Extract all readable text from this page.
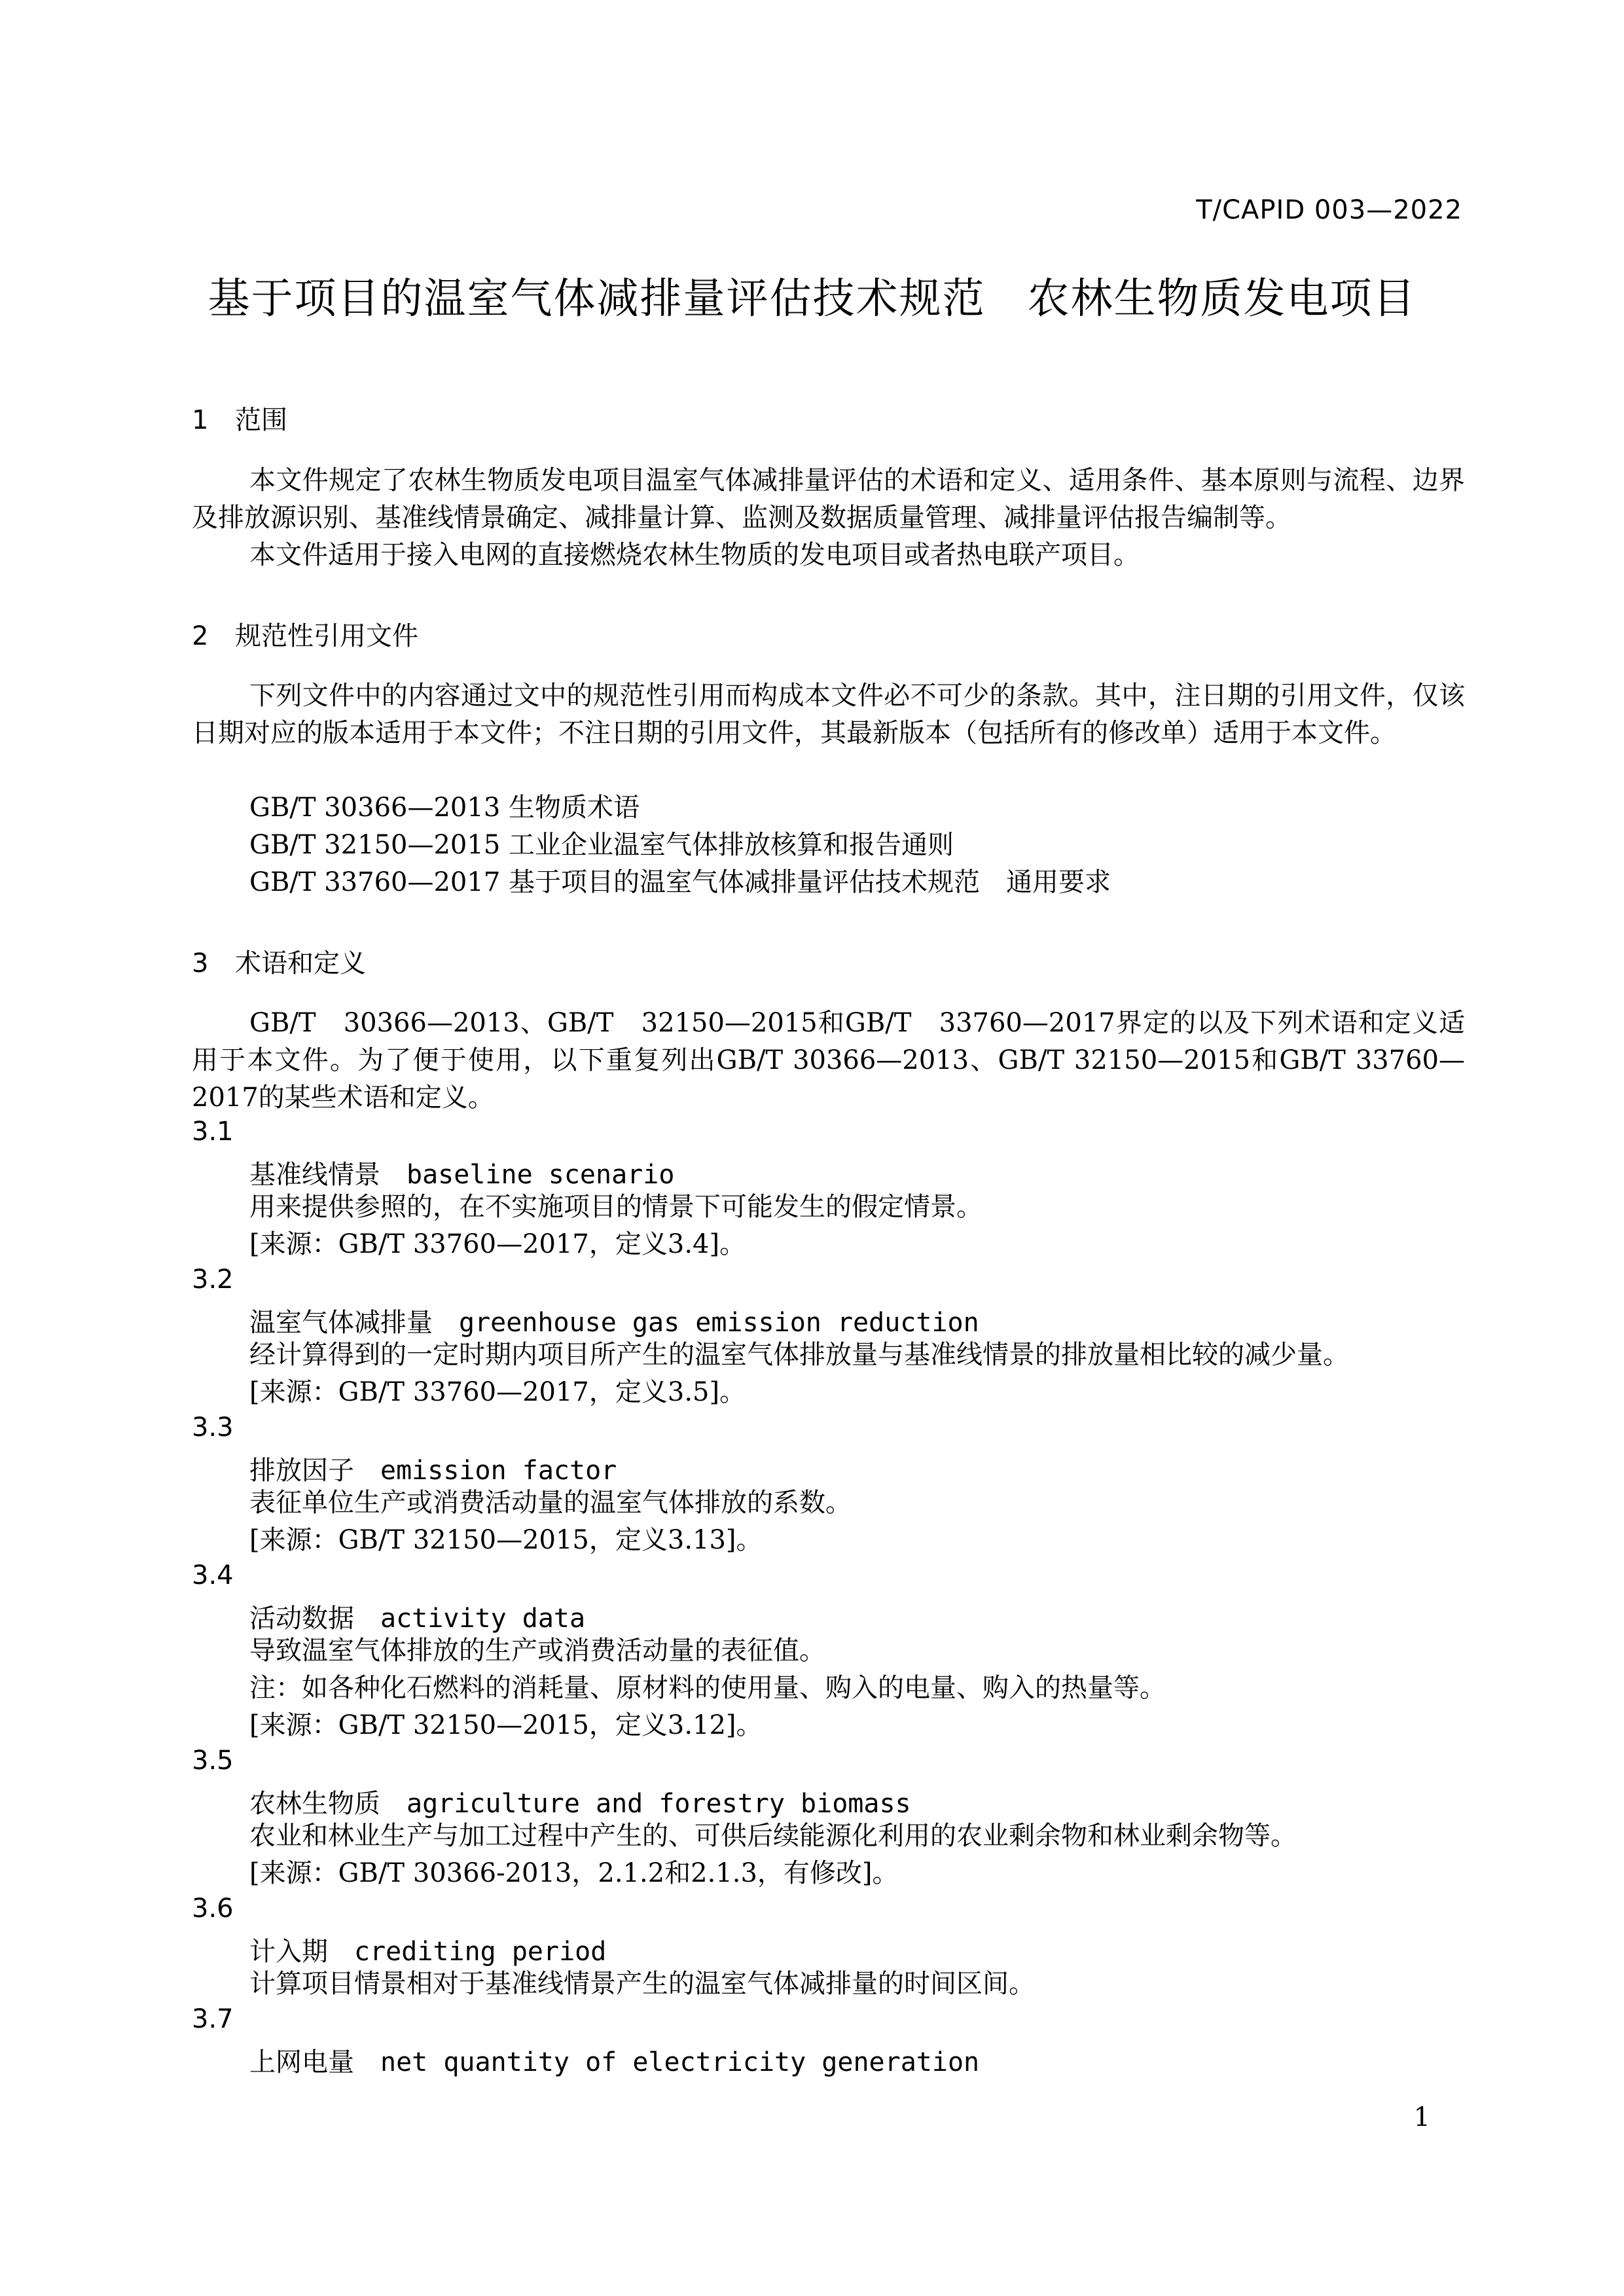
T/CAPID 003—2022
基于项目的温室气体减排量评估技术规范 农林生物质发电项目
1 范围

本文件规定了农林生物质发电项目温室气体减排量评估的术语和定义、适用条件、基本原则与流程、边界及排放源识别、基准线情景确定、减排量计算、监测及数据质量管理、减排量评估报告编制等。

本文件适用于接入电网的直接燃烧农林生物质的发电项目或者热电联产项目。

2 规范性引用文件

下列文件中的内容通过文中的规范性引用而构成本文件必不可少的条款。其中，注日期的引用文件，仅该日期对应的版本适用于本文件；不注日期的引用文件，其最新版本（包括所有的修改单）适用于本文件。

GB/T 30366—2013 生物质术语
GB/T 32150—2015 工业企业温室气体排放核算和报告通则
GB/T 33760—2017 基于项目的温室气体减排量评估技术规范　通用要求
3 术语和定义

GB/T　30366—2013、GB/T　32150—2015和GB/T　33760—2017界定的以及下列术语和定义适用于本文件。为了便于使用，以下重复列出GB/T 30366—2013、GB/T 32150—2015和GB/T 33760—2017的某些术语和定义。

3.1
基准线情景 baseline scenario
用来提供参照的，在不实施项目的情景下可能发生的假定情景。
[来源：GB/T 33760—2017，定义3.4]。
3.2
温室气体减排量 greenhouse gas emission reduction
经计算得到的一定时期内项目所产生的温室气体排放量与基准线情景的排放量相比较的减少量。
[来源：GB/T 33760—2017，定义3.5]。
3.3
排放因子 emission factor
表征单位生产或消费活动量的温室气体排放的系数。
[来源：GB/T 32150—2015，定义3.13]。
3.4
活动数据 activity data
导致温室气体排放的生产或消费活动量的表征值。
注：如各种化石燃料的消耗量、原材料的使用量、购入的电量、购入的热量等。
[来源：GB/T 32150—2015，定义3.12]。
3.5
农林生物质 agriculture and forestry biomass
农业和林业生产与加工过程中产生的、可供后续能源化利用的农业剩余物和林业剩余物等。
[来源：GB/T 30366-2013，2.1.2和2.1.3，有修改]。
3.6
计入期 crediting period
计算项目情景相对于基准线情景产生的温室气体减排量的时间区间。
3.7
上网电量 net quantity of electricity generation
1
